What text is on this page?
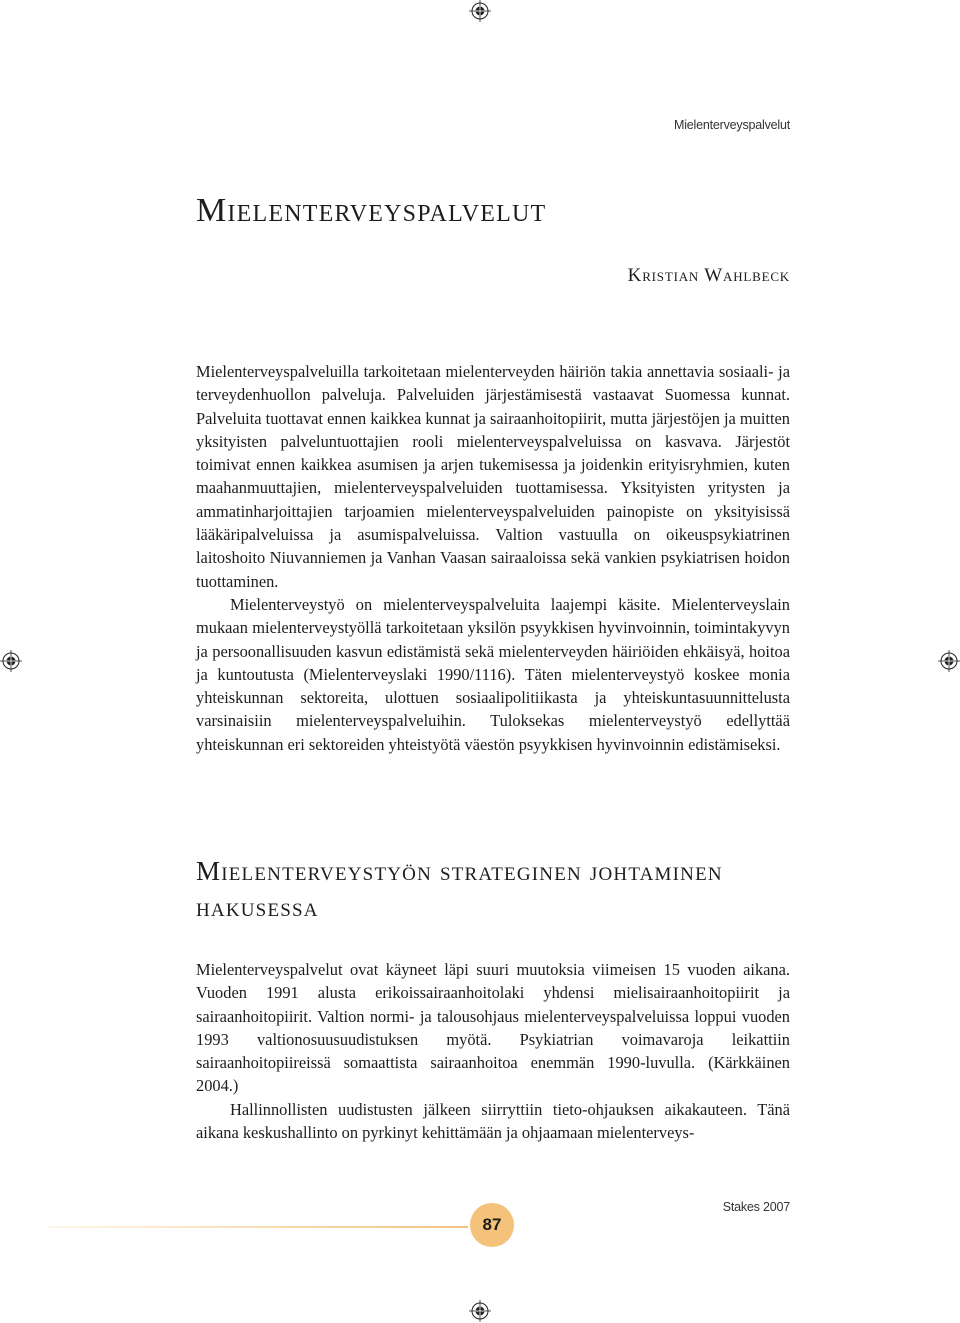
Mielenterveyspalvelut
Mielenterveyspalvelut
Kristian Wahlbeck

Mielenterveyspalveluilla tarkoitetaan mielenterveyden häiriön takia annettavia sosiaali- ja terveydenhuollon palveluja. Palveluiden järjestämisestä vastaavat Suomessa kunnat. Palveluita tuottavat ennen kaikkea kunnat ja sairaanhoitopiirit, mutta järjestöjen ja muitten yksityisten palveluntuottajien rooli mielenterveyspalveluissa on kasvava. Järjestöt toimivat ennen kaikkea asumisen ja arjen tukemisessa ja joidenkin erityisryhmien, kuten maahanmuuttajien, mielenterveyspalveluiden tuottamisessa. Yksityisten yritysten ja ammatinharjoittajien tarjoamien mielenterveyspalveluiden painopiste on yksityisissä lääkäripalveluissa ja asumispalveluissa. Valtion vastuulla on oikeuspsykiatrinen laitoshoito Niuvanniemen ja Vanhan Vaasan sairaaloissa sekä vankien psykiatrisen hoidon tuottaminen.

Mielenterveystyö on mielenterveyspalveluita laajempi käsite. Mielenterveyslain mukaan mielenterveystyöllä tarkoitetaan yksilön psyykkisen hyvinvoinnin, toimintakyvyn ja persoonallisuuden kasvun edistämistä sekä mielenterveyden häiriöiden ehkäisyä, hoitoa ja kuntoutusta (Mielenterveyslaki 1990/1116). Täten mielenterveystyö koskee monia yhteiskunnan sektoreita, ulottuen sosiaalipolitiikasta ja yhteiskuntasuunnittelusta varsinaisiin mielenterveyspalveluihin. Tuloksekas mielenterveystyö edellyttää yhteiskunnan eri sektoreiden yhteistyötä väestön psyykkisen hyvinvoinnin edistämiseksi.

Mielenterveystyön strateginen johtaminen hakusessa

Mielenterveyspalvelut ovat käyneet läpi suuri muutoksia viimeisen 15 vuoden aikana. Vuoden 1991 alusta erikoissairaanhoitolaki yhdensi mielisairaanhoitopiirit ja sairaanhoitopiirit. Valtion normi- ja talousohjaus mielenterveyspalveluissa loppui vuoden 1993 valtionosuusuudistuksen myötä. Psykiatrian voimavaroja leikattiin sairaanhoitopiireissä somaattista sairaanhoitoa enemmän 1990-luvulla. (Kärkkäinen 2004.)

Hallinnollisten uudistusten jälkeen siirryttiin tieto-ohjauksen aikakauteen. Tänä aikana keskushallinto on pyrkinyt kehittämään ja ohjaamaan mielenterveys-

87
Stakes 2007
